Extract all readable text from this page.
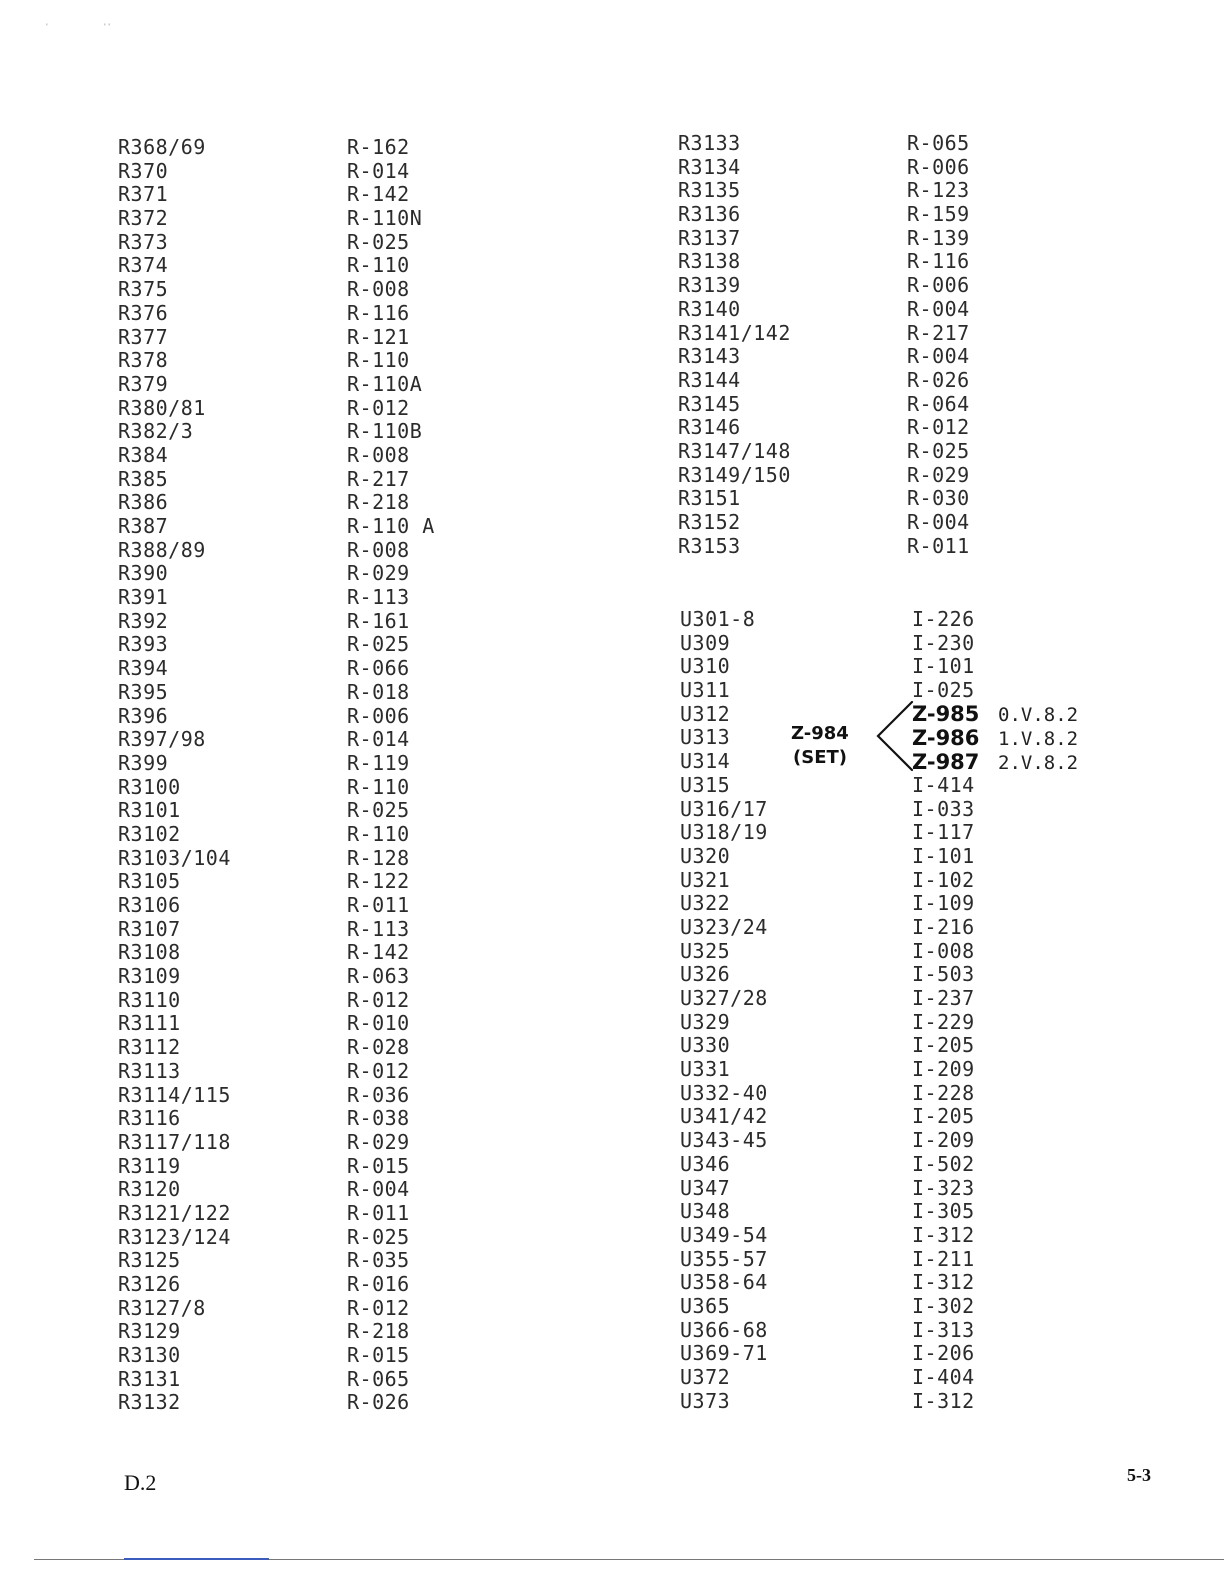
R368/69
R370
R371
R372
R373
R374
R375
R376
R377
R378
R379
R380/81
R382/3
R384
R385
R386
R387
R388/89
R390
R391
R392
R393
R394
R395
R396
R397/98
R399
R3100
R3101
R3102
R3103/104
R3105
R3106
R3107
R3108
R3109
R3110
R3111
R3112
R3113
R3114/115
R3116
R3117/118
R3119
R3120
R3121/122
R3123/124
R3125
R3126
R3127/8
R3129
R3130
R3131
R3132
R-162
R-014
R-142
R-110N
R-025
R-110
R-008
R-116
R-121
R-110
R-110A
R-012
R-110B
R-008
R-217
R-218
R-110 A
R-008
R-029
R-113
R-161
R-025
R-066
R-018
R-006
R-014
R-119
R-110
R-025
R-110
R-128
R-122
R-011
R-113
R-142
R-063
R-012
R-010
R-028
R-012
R-036
R-038
R-029
R-015
R-004
R-011
R-025
R-035
R-016
R-012
R-218
R-015
R-065
R-026
R3133
R3134
R3135
R3136
R3137
R3138
R3139
R3140
R3141/142
R3143
R3144
R3145
R3146
R3147/148
R3149/150
R3151
R3152
R3153
R-065
R-006
R-123
R-159
R-139
R-116
R-006
R-004
R-217
R-004
R-026
R-064
R-012
R-025
R-029
R-030
R-004
R-011
U301-8
U309
U310
U311
U312
U313
U314
U315
U316/17
U318/19
U320
U321
U322
U323/24
U325
U326
U327/28
U329
U330
U331
U332-40
U341/42
U343-45
U346
U347
U348
U349-54
U355-57
U358-64
U365
U366-68
U369-71
U372
U373
I-226
I-230
I-101
I-025
I-414
I-033
I-117
I-101
I-102
I-109
I-216
I-008
I-503
I-237
I-229
I-205
I-209
I-228
I-205
I-209
I-502
I-323
I-305
I-312
I-211
I-312
I-302
I-313
I-206
I-404
I-312
Z-984
(SET)
Z-985 0.V.8.2
Z-986 1.V.8.2
Z-987 2.V.8.2
D.2	5-3
'	' '
